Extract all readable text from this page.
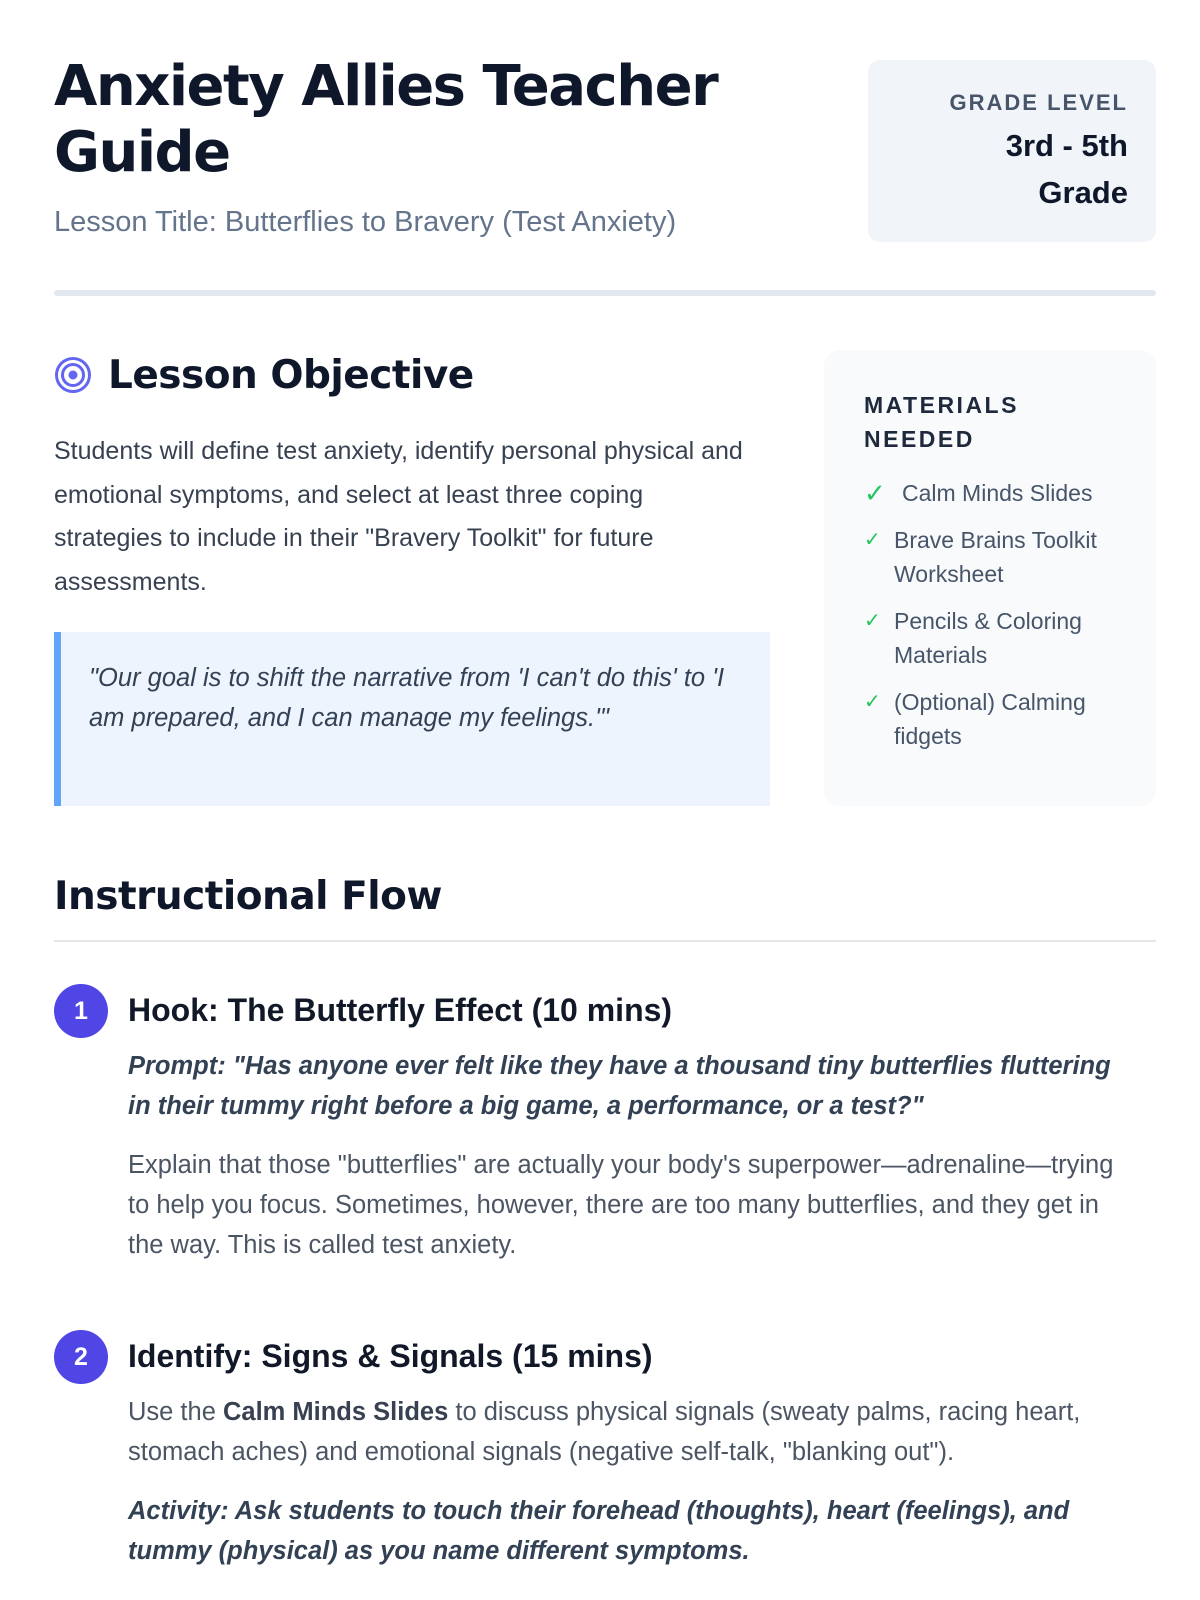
Anxiety Allies Teacher Guide
Lesson Title: Butterflies to Bravery (Test Anxiety)
GRADE LEVEL
3rd - 5th
Grade
Lesson Objective

Students will define test anxiety, identify personal physical and emotional symptoms, and select at least three coping strategies to include in their "Bravery Toolkit" for future assessments.

"Our goal is to shift the narrative from 'I can't do this' to 'I am prepared, and I can manage my feelings.'"
MATERIALS NEEDED
✓ Calm Minds Slides
✓ Brave Brains Toolkit Worksheet
✓ Pencils & Coloring Materials
✓ (Optional) Calming fidgets
Instructional Flow
1	Hook: The Butterfly Effect (10 mins)

Prompt: "Has anyone ever felt like they have a thousand tiny butterflies fluttering in their tummy right before a big game, a performance, or a test?"

Explain that those "butterflies" are actually your body's superpower—adrenaline—trying to help you focus. Sometimes, however, there are too many butterflies, and they get in the way. This is called test anxiety.

2	Identify: Signs & Signals (15 mins)

Use the Calm Minds Slides to discuss physical signals (sweaty palms, racing heart, stomach aches) and emotional signals (negative self-talk, "blanking out").

Activity: Ask students to touch their forehead (thoughts), heart (feelings), and tummy (physical) as you name different symptoms.
